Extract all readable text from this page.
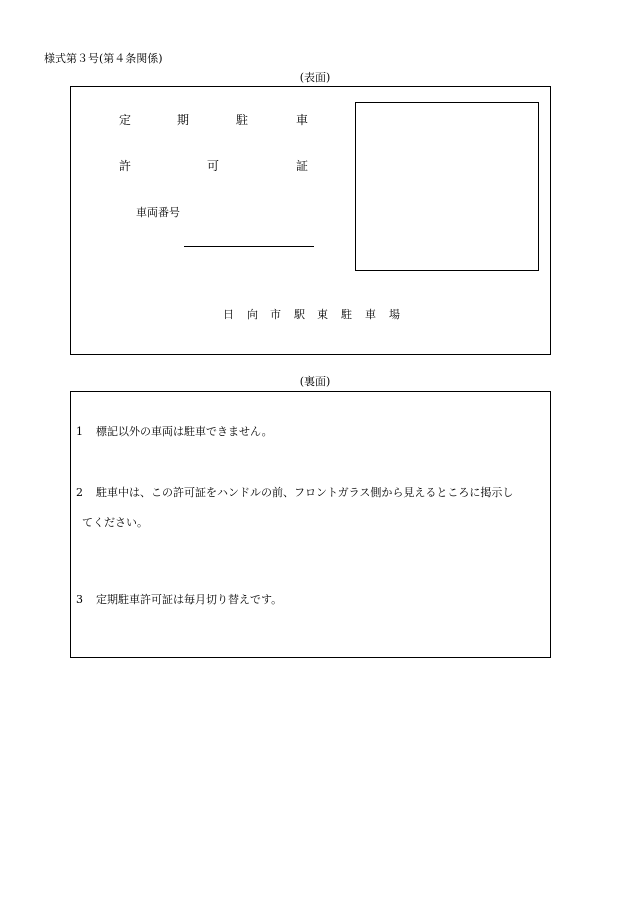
様式第３号(第４条関係)
(表面)
定	期	駐	車
許	可	証
車両番号
日 向 市 駅 東 駐 車 場
(裏面)
1 標記以外の車両は駐車できません。
2 駐車中は、この許可証をハンドルの前、フロントガラス側から見えるところに掲示し
てください。
3 定期駐車許可証は毎月切り替えです。
